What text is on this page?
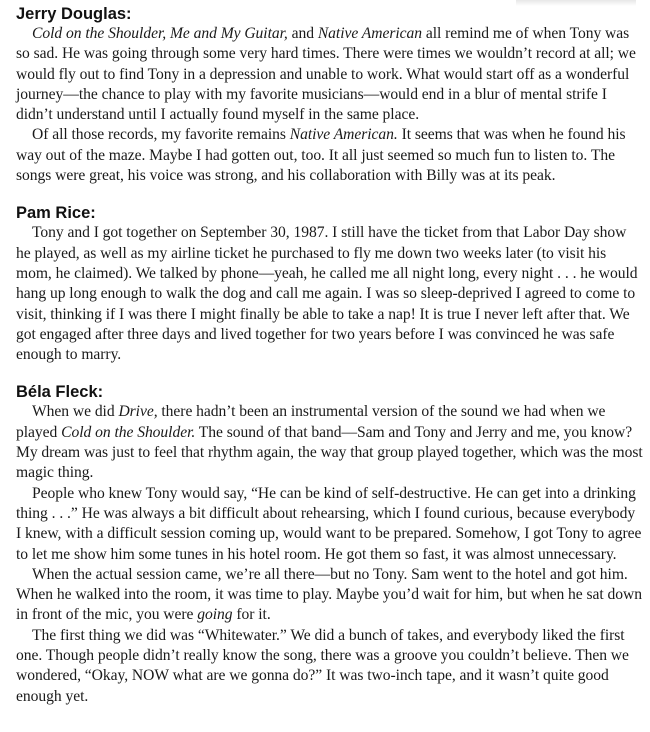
Jerry Douglas:

Cold on the Shoulder, Me and My Guitar, and Native American all remind me of when Tony was so sad. He was going through some very hard times. There were times we wouldn’t record at all; we would fly out to find Tony in a depression and unable to work. What would start off as a wonderful journey—the chance to play with my favorite musicians—would end in a blur of mental strife I didn’t understand until I actually found myself in the same place.

Of all those records, my favorite remains Native American. It seems that was when he found his way out of the maze. Maybe I had gotten out, too. It all just seemed so much fun to listen to. The songs were great, his voice was strong, and his collaboration with Billy was at its peak.

Pam Rice:

Tony and I got together on September 30, 1987. I still have the ticket from that Labor Day show he played, as well as my airline ticket he purchased to fly me down two weeks later (to visit his mom, he claimed). We talked by phone—yeah, he called me all night long, every night . . . he would hang up long enough to walk the dog and call me again. I was so sleep-deprived I agreed to come to visit, thinking if I was there I might finally be able to take a nap! It is true I never left after that. We got engaged after three days and lived together for two years before I was convinced he was safe enough to marry.

Béla Fleck:

When we did Drive, there hadn’t been an instrumental version of the sound we had when we played Cold on the Shoulder. The sound of that band—Sam and Tony and Jerry and me, you know? My dream was just to feel that rhythm again, the way that group played together, which was the most magic thing.

People who knew Tony would say, “He can be kind of self-destructive. He can get into a drinking thing . . .” He was always a bit difficult about rehearsing, which I found curious, because everybody I knew, with a difficult session coming up, would want to be prepared. Somehow, I got Tony to agree to let me show him some tunes in his hotel room. He got them so fast, it was almost unnecessary.

When the actual session came, we’re all there—but no Tony. Sam went to the hotel and got him. When he walked into the room, it was time to play. Maybe you’d wait for him, but when he sat down in front of the mic, you were going for it.

The first thing we did was “Whitewater.” We did a bunch of takes, and everybody liked the first one. Though people didn’t really know the song, there was a groove you couldn’t believe. Then we wondered, “Okay, NOW what are we gonna do?” It was two-inch tape, and it wasn’t quite good enough yet.
